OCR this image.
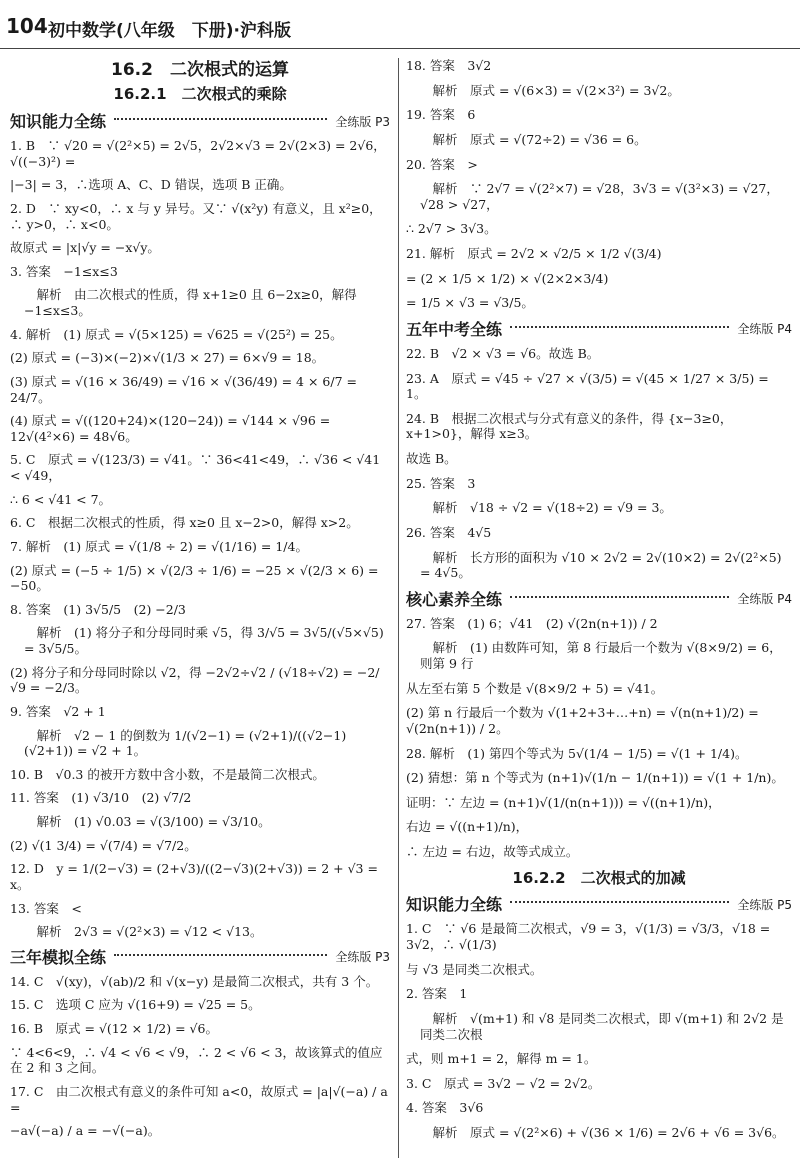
104 初中数学(八年级　下册)·沪科版
16.2　二次根式的运算
16.2.1　二次根式的乘除
知识能力全练	全练版 P3
1. B　∵ √20 = √(2²×5) = 2√5，2√2×√3 = 2√(2×3) = 2√6，√((−3)²) =
|−3| = 3，∴选项 A、C、D 错误，选项 B 正确。
2. D　∵ xy<0，∴ x 与 y 异号。又∵ √(x²y) 有意义，且 x²≥0，∴ y>0，∴ x<0。
故原式 = |x|√y = −x√y。
3. 答案　−1≤x≤3
　解析　由二次根式的性质，得 x+1≥0 且 6−2x≥0，解得 −1≤x≤3。
4. 解析　(1) 原式 = √(5×125) = √625 = √(25²) = 25。
(2) 原式 = (−3)×(−2)×√(1/3 × 27) = 6×√9 = 18。
(3) 原式 = √(16 × 36/49) = √16 × √(36/49) = 4 × 6/7 = 24/7。
(4) 原式 = √((120+24)×(120−24)) = √144 × √96 = 12√(4²×6) = 48√6。
5. C　原式 = √(123/3) = √41。∵ 36<41<49，∴ √36 < √41 < √49，
∴ 6 < √41 < 7。
6. C　根据二次根式的性质，得 x≥0 且 x−2>0，解得 x>2。
7. 解析　(1) 原式 = √(1/8 ÷ 2) = √(1/16) = 1/4。
(2) 原式 = (−5 ÷ 1/5) × √(2/3 ÷ 1/6) = −25 × √(2/3 × 6) = −50。
8. 答案　(1) 3√5/5　(2) −2/3
　解析　(1) 将分子和分母同时乘 √5，得 3/√5 = 3√5/(√5×√5) = 3√5/5。
(2) 将分子和分母同时除以 √2，得 −2√2÷√2 / (√18÷√2) = −2/√9 = −2/3。
9. 答案　√2 + 1
　解析　√2 − 1 的倒数为 1/(√2−1) = (√2+1)/((√2−1)(√2+1)) = √2 + 1。
10. B　√0.3 的被开方数中含小数，不是最简二次根式。
11. 答案　(1) √3/10　(2) √7/2
　解析　(1) √0.03 = √(3/100) = √3/10。
(2) √(1 3/4) = √(7/4) = √7/2。
12. D　y = 1/(2−√3) = (2+√3)/((2−√3)(2+√3)) = 2 + √3 = x。
13. 答案　<
　解析　2√3 = √(2²×3) = √12 < √13。
三年模拟全练	全练版 P3
14. C　√(xy)，√(ab)/2 和 √(x−y) 是最简二次根式，共有 3 个。
15. C　选项 C 应为 √(16+9) = √25 = 5。
16. B　原式 = √(12 × 1/2) = √6。
∵ 4<6<9，∴ √4 < √6 < √9，∴ 2 < √6 < 3，故该算式的值应在 2 和 3 之间。
17. C　由二次根式有意义的条件可知 a<0，故原式 = |a|√(−a) / a =
−a√(−a) / a = −√(−a)。
18. 答案　3√2
　解析　原式 = √(6×3) = √(2×3²) = 3√2。
19. 答案　6
　解析　原式 = √(72÷2) = √36 = 6。
20. 答案　>
　解析　∵ 2√7 = √(2²×7) = √28，3√3 = √(3²×3) = √27，√28 > √27，
∴ 2√7 > 3√3。
21. 解析　原式 = 2√2 × √2/5 × 1/2 √(3/4)
= (2 × 1/5 × 1/2) × √(2×2×3/4)
= 1/5 × √3 = √3/5。
五年中考全练	全练版 P4
22. B　√2 × √3 = √6。故选 B。
23. A　原式 = √45 ÷ √27 × √(3/5) = √(45 × 1/27 × 3/5) = 1。
24. B　根据二次根式与分式有意义的条件，得 {x−3≥0，x+1>0}，解得 x≥3。
故选 B。
25. 答案　3
　解析　√18 ÷ √2 = √(18÷2) = √9 = 3。
26. 答案　4√5
　解析　长方形的面积为 √10 × 2√2 = 2√(10×2) = 2√(2²×5) = 4√5。
核心素养全练	全练版 P4
27. 答案　(1) 6；√41　(2) √(2n(n+1)) / 2
　解析　(1) 由数阵可知，第 8 行最后一个数为 √(8×9/2) = 6，则第 9 行
从左至右第 5 个数是 √(8×9/2 + 5) = √41。
(2) 第 n 行最后一个数为 √(1+2+3+…+n) = √(n(n+1)/2) = √(2n(n+1)) / 2。
28. 解析　(1) 第四个等式为 5√(1/4 − 1/5) = √(1 + 1/4)。
(2) 猜想：第 n 个等式为 (n+1)√(1/n − 1/(n+1)) = √(1 + 1/n)。
证明：∵ 左边 = (n+1)√(1/(n(n+1))) = √((n+1)/n)，
右边 = √((n+1)/n)，
∴ 左边 = 右边，故等式成立。
16.2.2　二次根式的加减
知识能力全练	全练版 P5
1. C　∵ √6 是最简二次根式，√9 = 3，√(1/3) = √3/3，√18 = 3√2，∴ √(1/3)
与 √3 是同类二次根式。
2. 答案　1
　解析　√(m+1) 和 √8 是同类二次根式，即 √(m+1) 和 2√2 是同类二次根
式，则 m+1 = 2，解得 m = 1。
3. C　原式 = 3√2 − √2 = 2√2。
4. 答案　3√6
　解析　原式 = √(2²×6) + √(36 × 1/6) = 2√6 + √6 = 3√6。
